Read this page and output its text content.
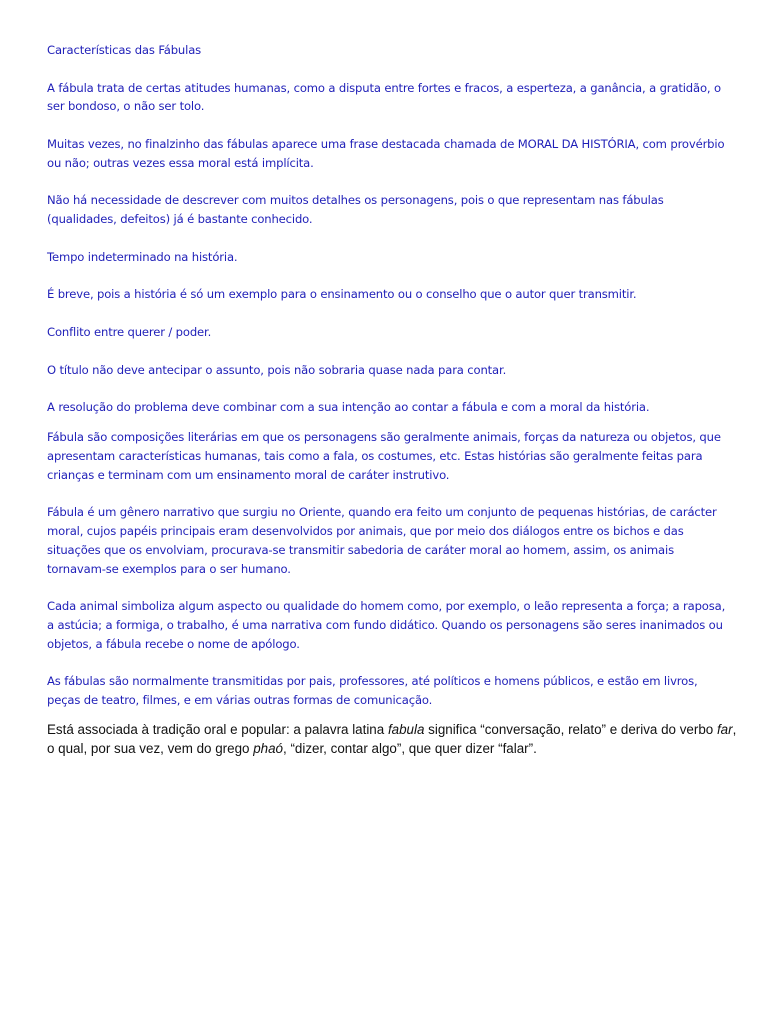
Características das Fábulas

A fábula trata de certas atitudes humanas, como a disputa entre fortes e fracos, a esperteza, a ganância, a gratidão, o ser bondoso, o não ser tolo.

Muitas vezes, no finalzinho das fábulas aparece uma frase destacada chamada de MORAL DA HISTÓRIA, com provérbio ou não; outras vezes essa moral está implícita.

Não há necessidade de descrever com muitos detalhes os personagens, pois o que representam nas fábulas (qualidades, defeitos) já é bastante conhecido.

Tempo indeterminado na história.

É breve, pois a história é só um exemplo para o ensinamento ou o conselho que o autor quer transmitir.

Conflito entre querer / poder.

O título não deve antecipar o assunto, pois não sobraria quase nada para contar.

A resolução do problema deve combinar com a sua intenção ao contar a fábula e com a moral da história.

Fábula são composições literárias em que os personagens são geralmente animais, forças da natureza ou objetos, que apresentam características humanas, tais como a fala, os costumes, etc. Estas histórias são geralmente feitas para crianças e terminam com um ensinamento moral de caráter instrutivo.

Fábula é um gênero narrativo que surgiu no Oriente, quando era feito um conjunto de pequenas histórias, de carácter moral, cujos papéis principais eram desenvolvidos por animais, que por meio dos diálogos entre os bichos e das situações que os envolviam, procurava-se transmitir sabedoria de caráter moral ao homem, assim, os animais tornavam-se exemplos para o ser humano.

Cada animal simboliza algum aspecto ou qualidade do homem como, por exemplo, o leão representa a força; a raposa, a astúcia; a formiga, o trabalho, é uma narrativa com fundo didático. Quando os personagens são seres inanimados ou objetos, a fábula recebe o nome de apólogo.

As fábulas são normalmente transmitidas por pais, professores, até políticos e homens públicos, e estão em livros, peças de teatro, filmes, e em várias outras formas de comunicação.

Está associada à tradição oral e popular: a palavra latina fabula significa “conversação, relato” e deriva do verbo far, o qual, por sua vez, vem do grego phaó, “dizer, contar algo”, que quer dizer “falar”.
